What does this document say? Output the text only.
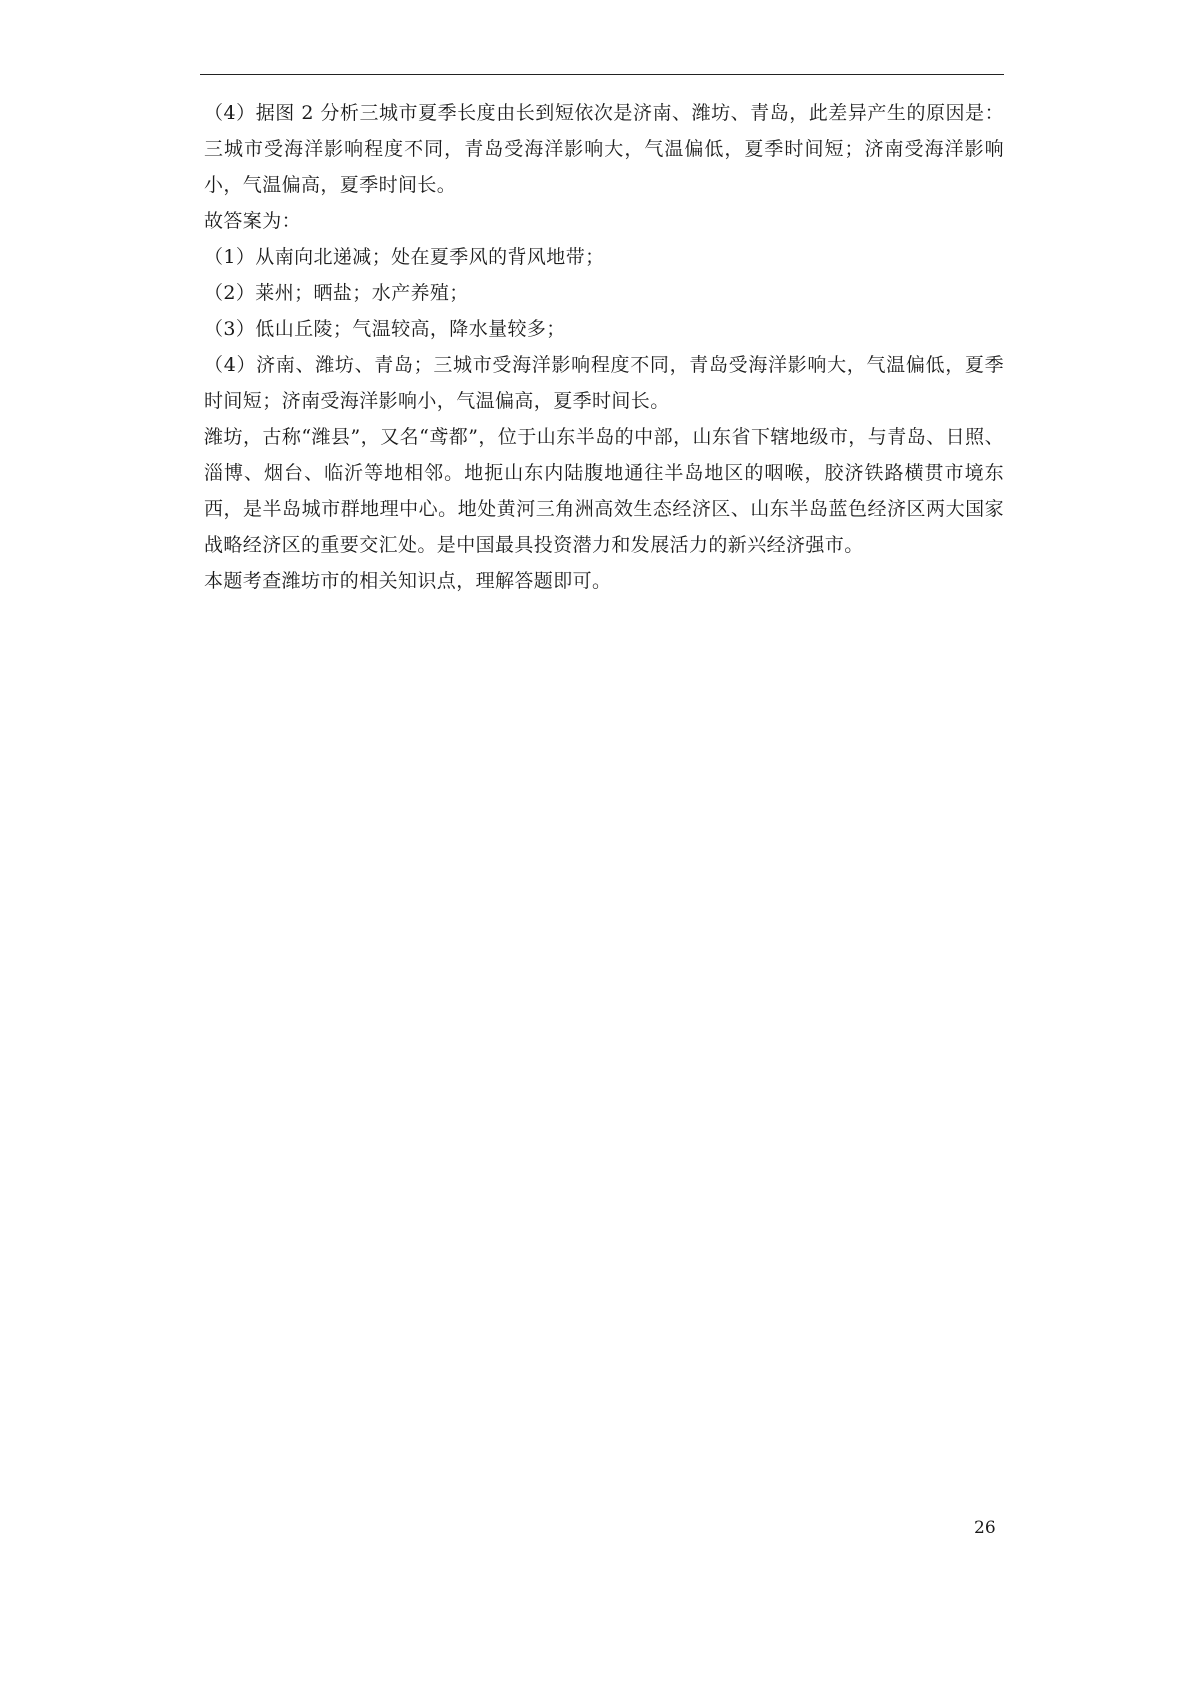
（4）据图 2 分析三城市夏季长度由长到短依次是济南、潍坊、青岛，此差异产生的原因是：三城市受海洋影响程度不同，青岛受海洋影响大，气温偏低，夏季时间短；济南受海洋影响小，气温偏高，夏季时间长。

故答案为：

（1）从南向北递减；处在夏季风的背风地带；

（2）莱州；晒盐；水产养殖；

（3）低山丘陵；气温较高，降水量较多；

（4）济南、潍坊、青岛；三城市受海洋影响程度不同，青岛受海洋影响大，气温偏低，夏季时间短；济南受海洋影响小，气温偏高，夏季时间长。

潍坊，古称“潍县”，又名“鸢都”，位于山东半岛的中部，山东省下辖地级市，与青岛、日照、淄博、烟台、临沂等地相邻。地扼山东内陆腹地通往半岛地区的咽喉，胶济铁路横贯市境东西，是半岛城市群地理中心。地处黄河三角洲高效生态经济区、山东半岛蓝色经济区两大国家战略经济区的重要交汇处。是中国最具投资潜力和发展活力的新兴经济强市。

本题考查潍坊市的相关知识点，理解答题即可。

26
